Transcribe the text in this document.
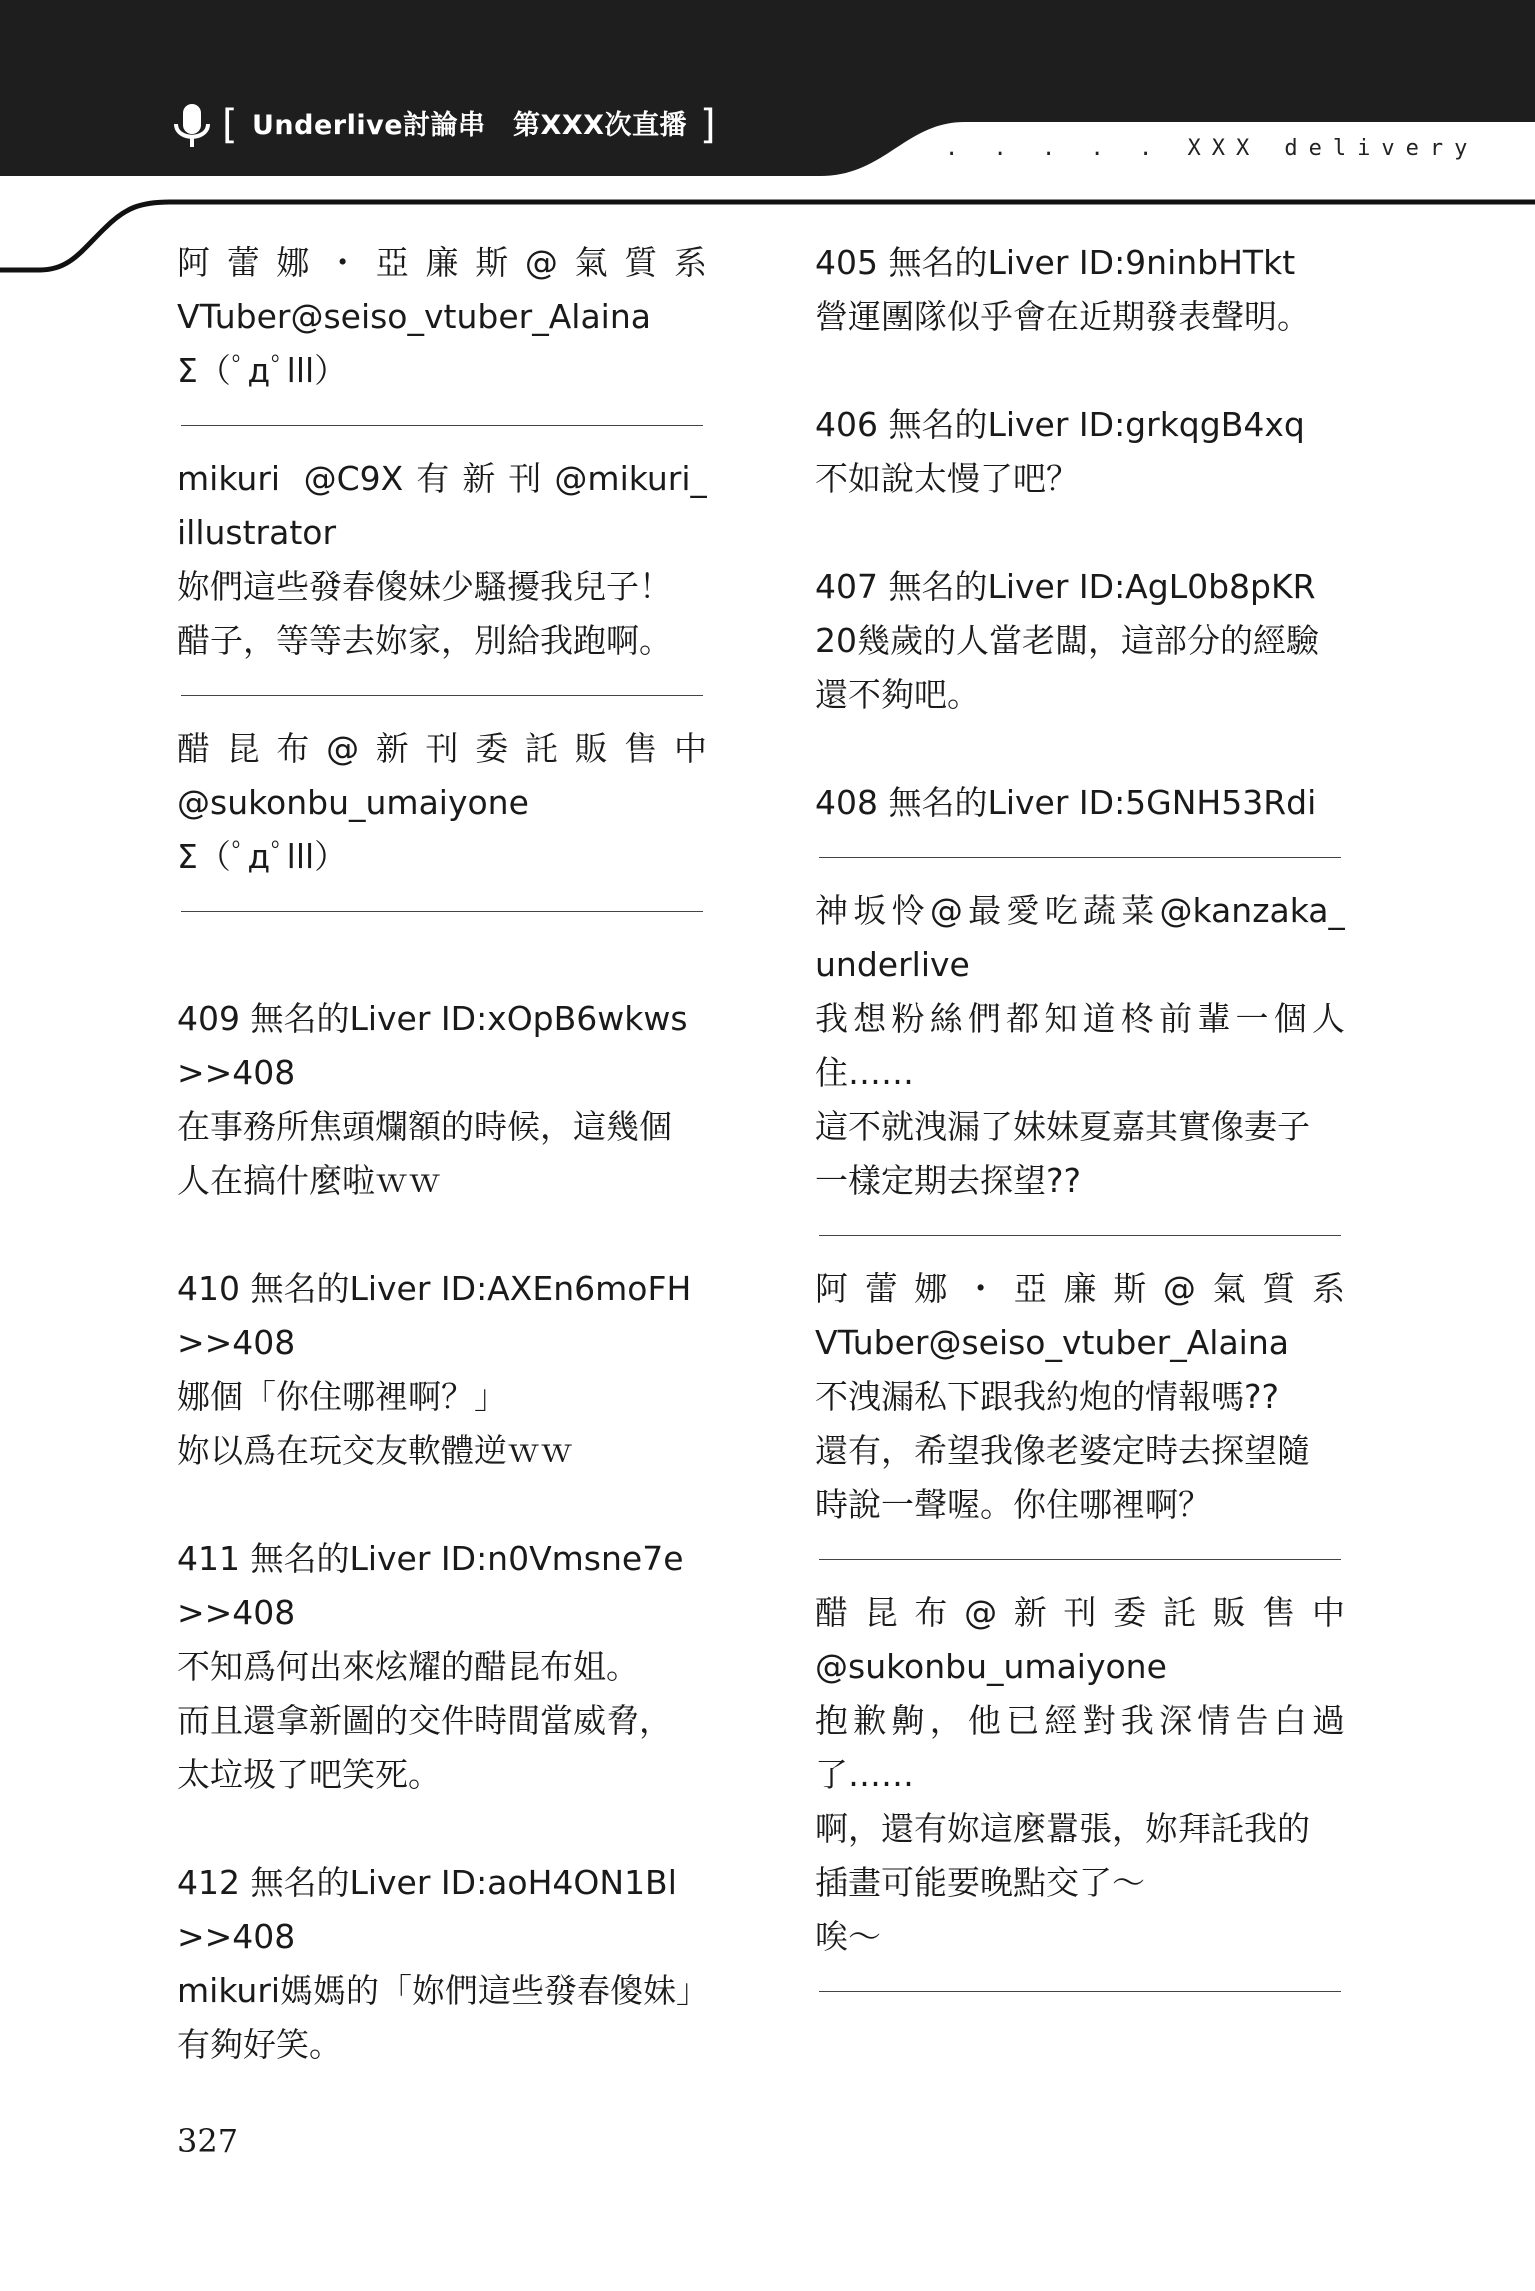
[	]
Underlive討論串　第XXX次直播
. . . . . XXX delivery
阿蕾娜・亞廉斯@氣質系
VTuber@seiso_vtuber_Alaina
Σ（ﾟдﾟlll）
mikuri @C9X有新刊@mikuri_
illustrator
妳們這些發春傻妹少騷擾我兒子！
醋子，等等去妳家，別給我跑啊。
醋昆布@新刊委託販售中
@sukonbu_umaiyone
Σ（ﾟдﾟlll）
409 無名的Liver ID:xOpB6wkws
>>408
在事務所焦頭爛額的時候，這幾個
人在搞什麼啦ｗｗ
410 無名的Liver ID:AXEn6moFH
>>408
娜個「你住哪裡啊？」
妳以爲在玩交友軟體逆ｗｗ
411 無名的Liver ID:n0Vmsne7e
>>408
不知爲何出來炫耀的醋昆布姐。
而且還拿新圖的交件時間當威脅，
太垃圾了吧笑死。
412 無名的Liver ID:aoH4ON1Bl
>>408
mikuri媽媽的「妳們這些發春傻妹」
有夠好笑。
405 無名的Liver ID:9ninbHTkt
營運團隊似乎會在近期發表聲明。
406 無名的Liver ID:grkqgB4xq
不如說太慢了吧？
407 無名的Liver ID:AgL0b8pKR
20幾歲的人當老闆，這部分的經驗
還不夠吧。
408 無名的Liver ID:5GNH53Rdi
神坂怜@最愛吃蔬菜@kanzaka_
underlive
我想粉絲們都知道柊前輩一個人
住……
這不就洩漏了妹妹夏嘉其實像妻子
一樣定期去探望??
阿蕾娜・亞廉斯@氣質系
VTuber@seiso_vtuber_Alaina
不洩漏私下跟我約炮的情報嗎??
還有，希望我像老婆定時去探望隨
時說一聲喔。你住哪裡啊？
醋昆布@新刊委託販售中
@sukonbu_umaiyone
抱歉齁，他已經對我深情告白過
了……
啊，還有妳這麼囂張，妳拜託我的
插畫可能要晚點交了～
唉～
327
